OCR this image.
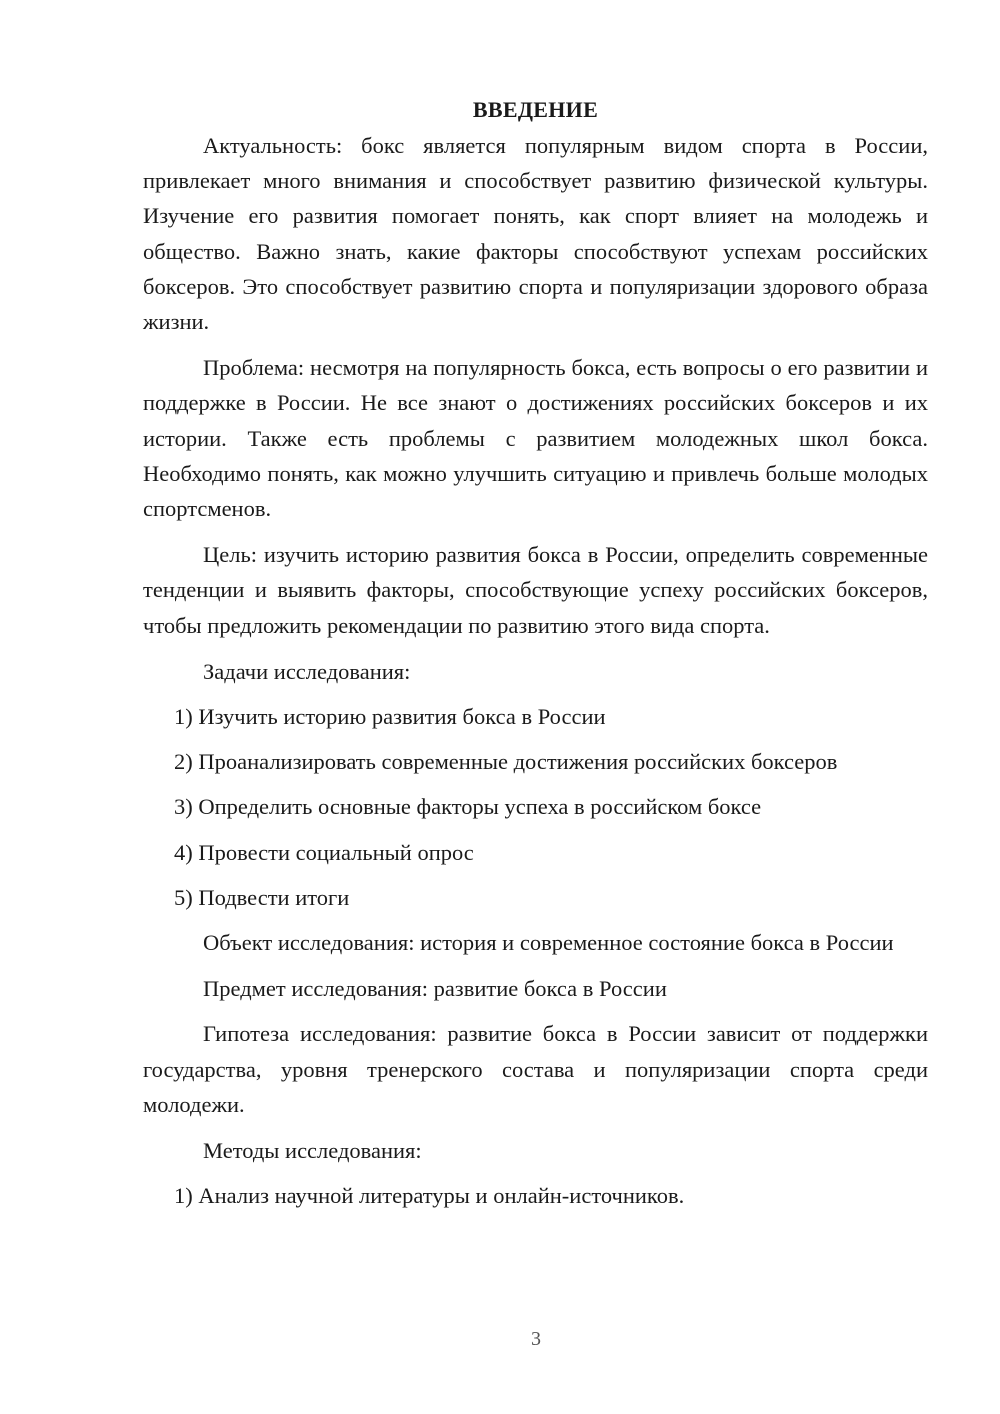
ВВЕДЕНИЕ

Актуальность: бокс является популярным видом спорта в России, привлекает много внимания и способствует развитию физической культуры. Изучение его развития помогает понять, как спорт влияет на молодежь и общество. Важно знать, какие факторы способствуют успехам российских боксеров. Это способствует развитию спорта и популяризации здорового образа жизни.

Проблема: несмотря на популярность бокса, есть вопросы о его развитии и поддержке в России. Не все знают о достижениях российских боксеров и их истории. Также есть проблемы с развитием молодежных школ бокса. Необходимо понять, как можно улучшить ситуацию и привлечь больше молодых спортсменов.

Цель: изучить историю развития бокса в России, определить современные тенденции и выявить факторы, способствующие успеху российских боксеров, чтобы предложить рекомендации по развитию этого вида спорта.

Задачи исследования:
1) Изучить историю развития бокса в России
2) Проанализировать современные достижения российских боксеров
3) Определить основные факторы успеха в российском боксе
4) Провести социальный опрос
5) Подвести итоги

Объект исследования: история и современное состояние бокса в России

Предмет исследования: развитие бокса в России

Гипотеза исследования: развитие бокса в России зависит от поддержки государства, уровня тренерского состава и популяризации спорта среди молодежи.

Методы исследования:
1) Анализ научной литературы и онлайн-источников.
3
